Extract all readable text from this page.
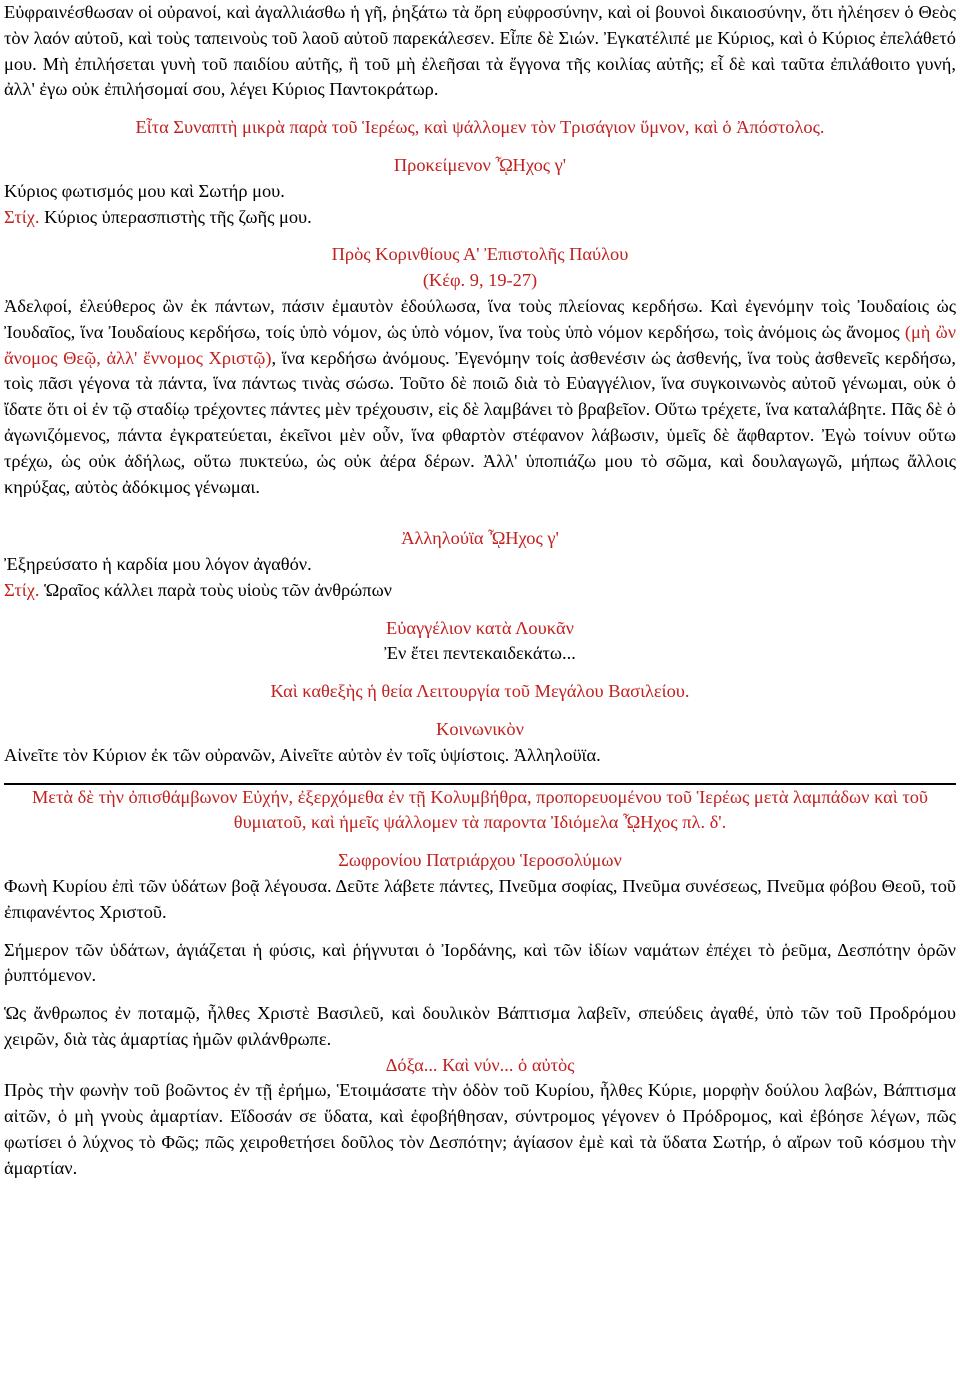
Εὐφραινέσθωσαν οἱ οὐρανοί, καὶ ἀγαλλιάσθω ἡ γῆ, ῥηξάτω τὰ ὄρη εὐφροσύνην, καὶ οἱ βουνοὶ δικαιοσύνην, ὅτι ἠλέησεν ὁ Θεὸς τὸν λαόν αὐτοῦ, καὶ τοὺς ταπεινοὺς τοῦ λαοῦ αὐτοῦ παρεκάλεσεν. Εἶπε δὲ Σιών. Ἐγκατέλιπέ με Κύριος, καὶ ὁ Κύριος ἐπελάθετό μου. Μὴ ἐπιλήσεται γυνὴ τοῦ παιδίου αὐτῆς, ἢ τοῦ μὴ ἐλεῆσαι τὰ ἔγγονα τῆς κοιλίας αὐτῆς; εἶ δὲ καὶ ταῦτα ἐπιλάθοιτο γυνή, ἀλλ' ἐγω οὐκ ἐπιλήσομαί σου, λέγει Κύριος Παντοκράτωρ.

Εἶτα Συναπτὴ μικρὰ παρὰ τοῦ Ἱερέως, καὶ ψάλλομεν τὸν Τρισάγιον ὕμνον, καὶ ὁ Ἀπόστολος.

Προκείμενον ᾮΗχος γ'

Κύριος φωτισμός μου καὶ Σωτήρ μου.

Στίχ. Κύριος ὑπερασπιστὴς τῆς ζωῆς μου.

Πρὸς Κορινθίους Α' Ἐπιστολῆς Παύλου

(Κέφ. 9, 19-27)

Ἀδελφοί, ἐλεύθερος ὢν ἐκ πάντων, πάσιν ἐμαυτὸν ἐδούλωσα, ἵνα τοὺς πλείονας κερδήσω. Καὶ ἐγενόμην τοὶς Ἰουδαίοις ὡς Ἰουδαῖος, ἵνα Ἰουδαίους κερδήσω, τοίς ὑπὸ νόμον, ὡς ὑπὸ νόμον, ἵνα τοὺς ὑπὸ νόμον κερδήσω, τοὶς ἀνόμοις ὡς ἄνομος (μὴ ὢν ἄνομος Θεῷ, ἀλλ' ἔννομος Χριστῷ), ἵνα κερδήσω ἀνόμους. Ἐγενόμην τοίς ἀσθενέσιν ὡς ἀσθενής, ἵνα τοὺς ἀσθενεῖς κερδήσω, τοὶς πᾶσι γέγονα τὰ πάντα, ἵνα πάντως τινὰς σώσω. Τοῦτο δὲ ποιῶ διὰ τὸ Εὐαγγέλιον, ἵνα συγκοινωνὸς αὐτοῦ γένωμαι, οὐκ ὁ ἴδατε ὅτι οἱ ἐν τῷ σταδίῳ τρέχοντες πάντες μὲν τρέχουσιν, εἰς δὲ λαμβάνει τὸ βραβεῖον. Οὕτω τρέχετε, ἵνα καταλάβητε. Πᾶς δὲ ὁ ἀγωνιζόμενος, πάντα ἐγκρατεύεται, ἐκεῖνοι μὲν οὖν, ἵνα φθαρτὸν στέφανον λάβωσιν, ὑμεῖς δὲ ἄφθαρτον. Ἐγὼ τοίνυν οὕτω τρέχω, ὡς οὐκ ἀδήλως, οὕτω πυκτεύω, ὡς οὐκ ἀέρα δέρων. Ἀλλ' ὑποπιάζω μου τὸ σῶμα, καὶ δουλαγωγῶ, μήπως ἄλλοις κηρύξας, αὐτὸς ἀδόκιμος γένωμαι.

Ἀλληλούϊα ᾮΗχος γ'

Ἐξηρεύσατο ἡ καρδία μου λόγον ἀγαθόν.

Στίχ. Ὡραῖος κάλλει παρὰ τοὺς υἱοὺς τῶν ἀνθρώπων

Εὐαγγέλιον κατὰ Λουκᾶν

Ἐν ἔτει πεντεκαιδεκάτω...

Καὶ καθεξὴς ἡ θεία Λειτουργία τοῦ Μεγάλου Βασιλείου.

Κοινωνικὸν

Αἰνεῖτε τὸν Κύριον ἐκ τῶν οὐρανῶν, Αἰνεῖτε αὐτὸν ἐν τοῖς ὑψίστοις. Ἀλληλοϋϊα.

Μετὰ δὲ τὴν ὀπισθάμβωνον Εὐχήν, ἐξερχόμεθα ἐν τῇ Κολυμβήθρα, προπορευομένου τοῦ Ἱερέως μετὰ λαμπάδων καὶ τοῦ θυμιατοῦ, καὶ ἡμεῖς ψάλλομεν τὰ παροντα Ἰδιόμελα ᾮΗχος πλ. δ'.

Σωφρονίου Πατριάρχου Ἱεροσολύμων

Φωνὴ Κυρίου ἐπὶ τῶν ὑδάτων βοᾷ λέγουσα. Δεῦτε λάβετε πάντες, Πνεῦμα σοφίας, Πνεῦμα συνέσεως, Πνεῦμα φόβου Θεοῦ, τοῦ ἐπιφανέντος Χριστοῦ.

Σήμερον τῶν ὑδάτων, ἁγιάζεται ἡ φύσις, καὶ ῥήγνυται ὁ Ἰορδάνης, καὶ τῶν ἰδίων ναμάτων ἐπέχει τὸ ῥεῦμα, Δεσπότην ὁρῶν ῥυπτόμενον.

Ὡς ἄνθρωπος ἐν ποταμῷ, ἦλθες Χριστὲ Βασιλεῦ, καὶ δουλικὸν Βάπτισμα λαβεῖν, σπεύδεις ἀγαθέ, ὑπὸ τῶν τοῦ Προδρόμου χειρῶν, διὰ τὰς ἁμαρτίας ἡμῶν φιλάνθρωπε.

Δόξα... Καὶ νύν... ὁ αὐτὸς

Πρὸς τὴν φωνὴν τοῦ βοῶντος ἐν τῇ ἐρήμω, Ἑτοιμάσατε τὴν ὁδὸν τοῦ Κυρίου, ἦλθες Κύριε, μορφὴν δούλου λαβών, Βάπτισμα αἰτῶν, ὁ μὴ γνοὺς ἁμαρτίαν. Εἴδοσάν σε ὕδατα, καὶ ἐφοβήθησαν, σύντρομος γέγονεν ὁ Πρόδρομος, καὶ ἐβόησε λέγων, πῶς φωτίσει ὁ λύχνος τὸ Φῶς; πῶς χειροθετήσει δοῦλος τὸν Δεσπότην; ἁγίασον ἐμὲ καὶ τὰ ὕδατα Σωτήρ, ὁ αἴρων τοῦ κόσμου τὴν ἁμαρτίαν.
